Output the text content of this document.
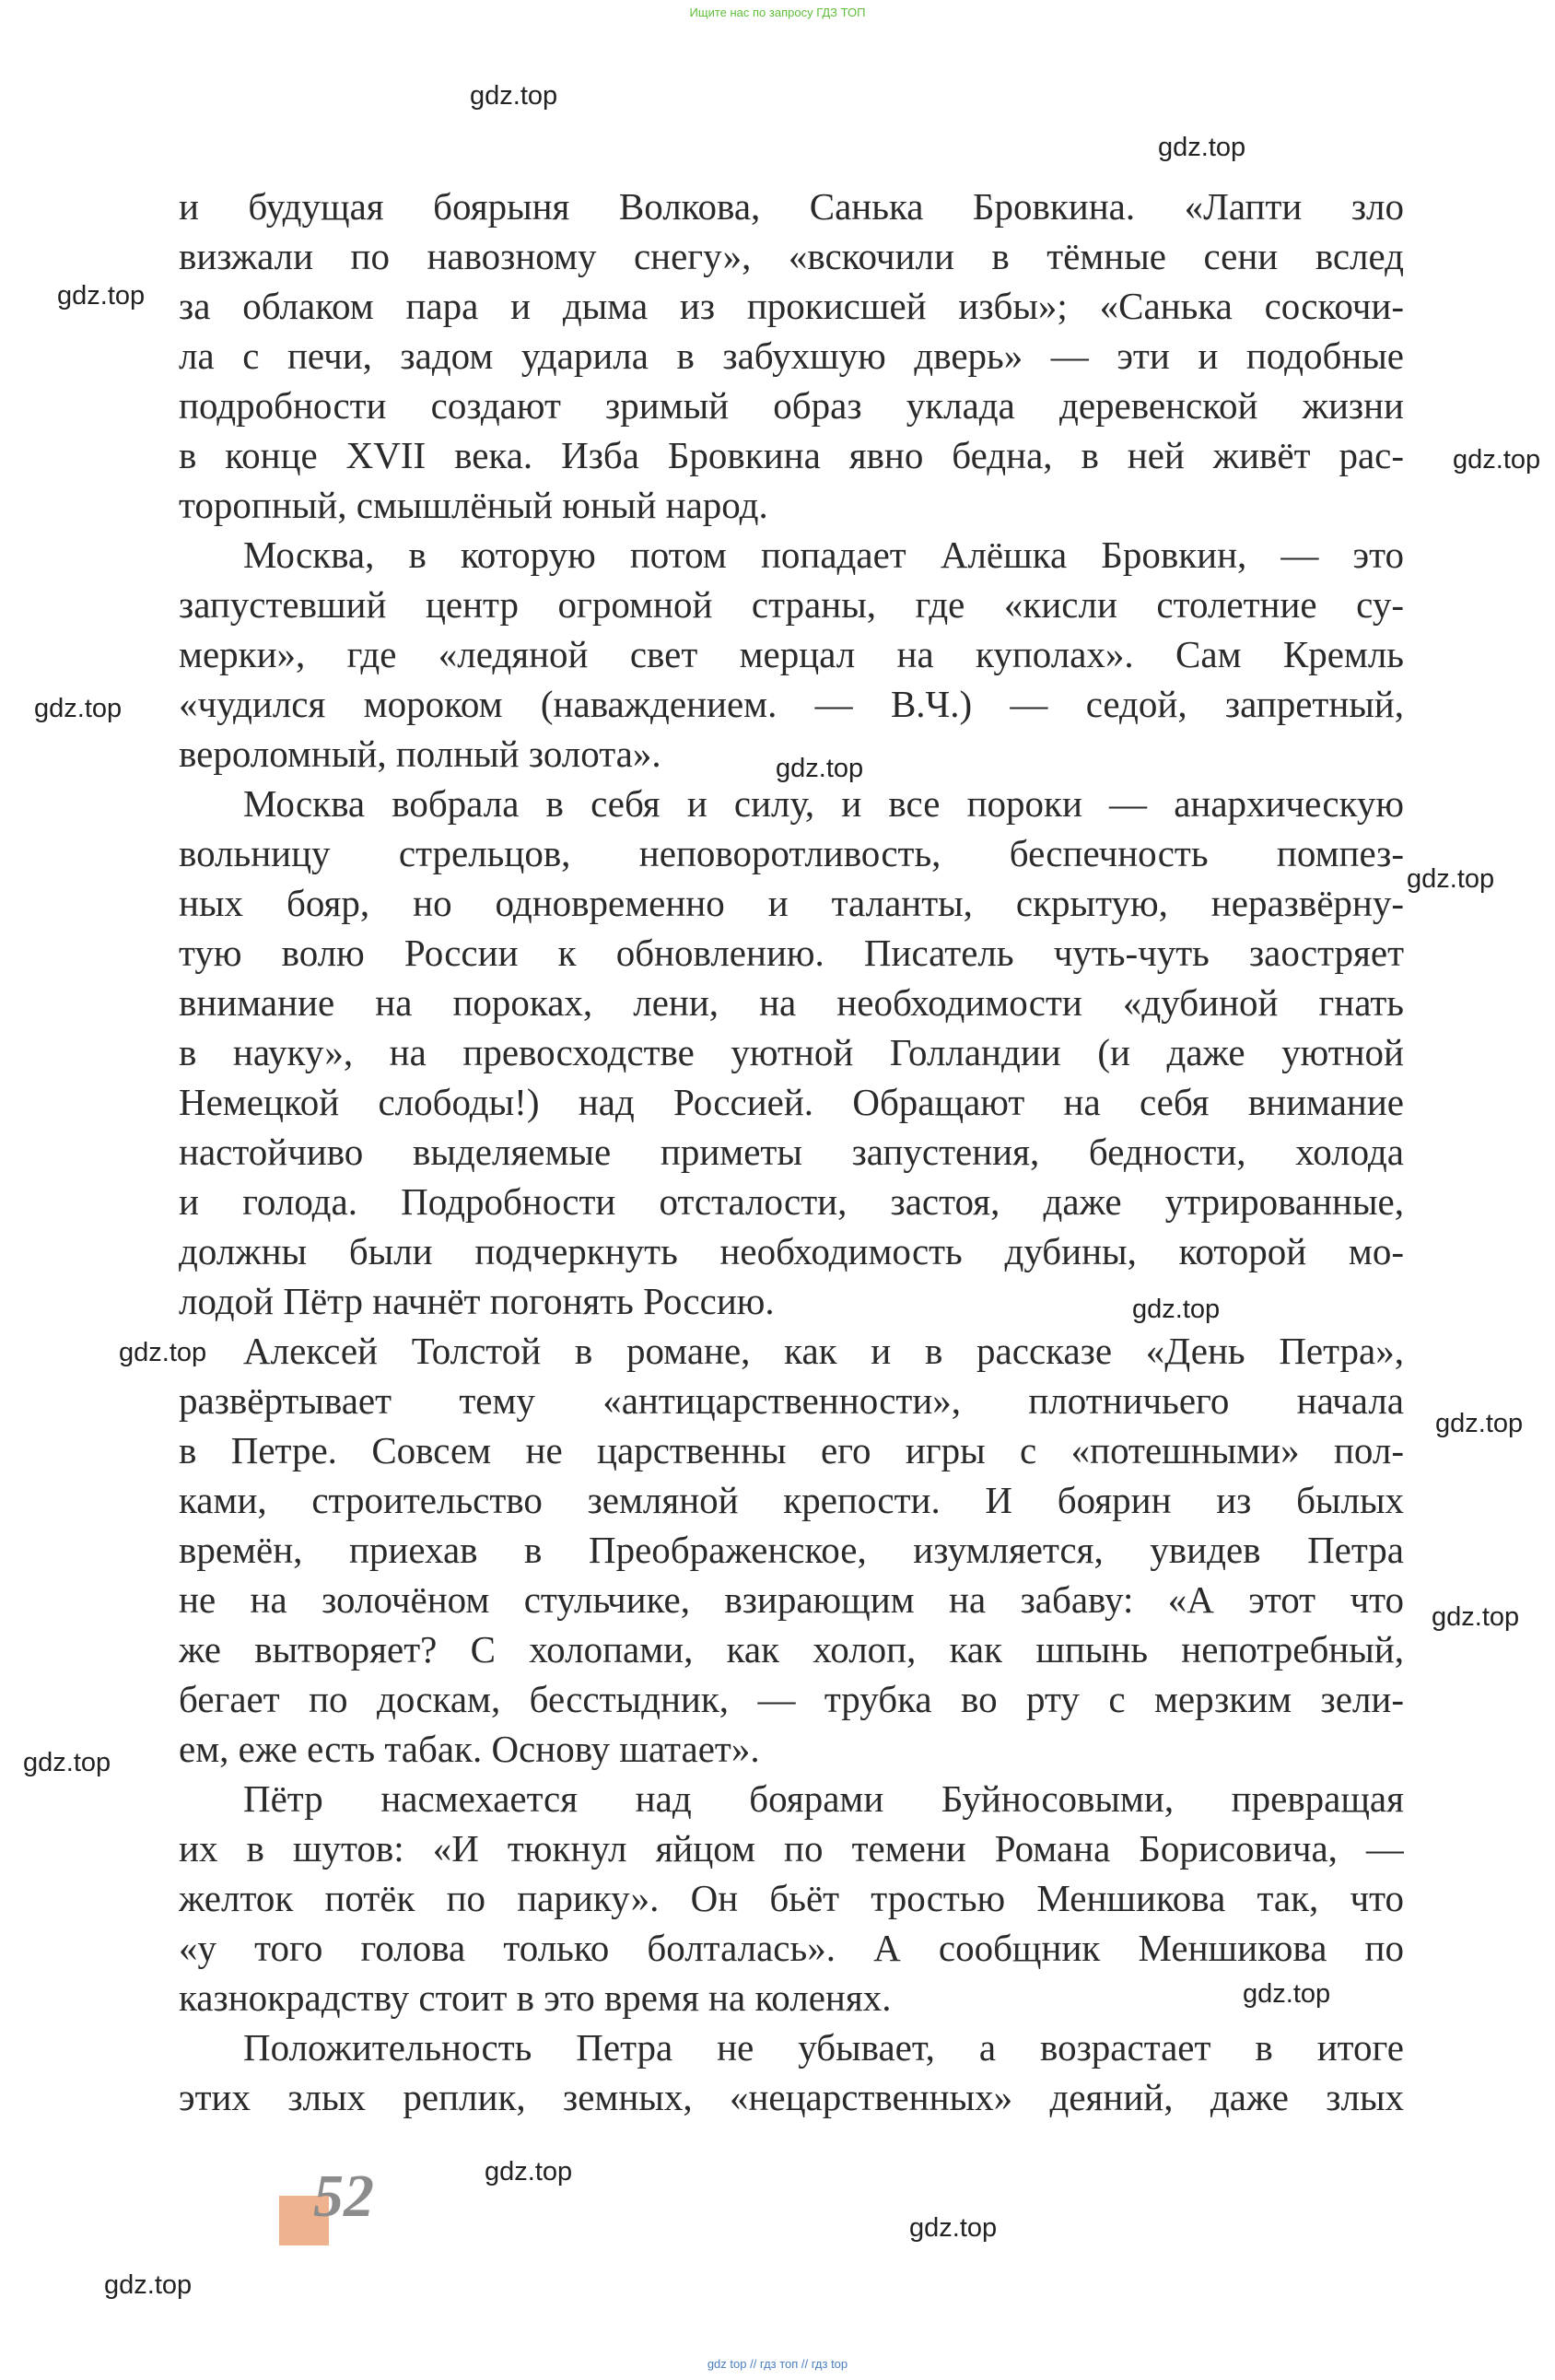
Ищите нас по запросу ГДЗ ТОП
и будущая боярыня Волкова, Санька Бровкина. «Лапти зло
визжали по навозному снегу», «вскочили в тёмные сени вслед
за облаком пара и дыма из прокисшей избы»; «Санька соскочи-
ла с печи, задом ударила в забухшую дверь» — эти и подобные
подробности создают зримый образ уклада деревенской жизни
в конце XVII века. Изба Бровкина явно бедна, в ней живёт рас-
торопный, смышлёный юный народ.
Москва, в которую потом попадает Алёшка Бровкин, — это
запустевший центр огромной страны, где «кисли столетние су-
мерки», где «ледяной свет мерцал на куполах». Сам Кремль
«чудился мороком (наваждением. — В.Ч.) — седой, запретный,
вероломный, полный золота».
Москва вобрала в себя и силу, и все пороки — анархическую
вольницу стрельцов, неповоротливость, беспечность помпез-
ных бояр, но одновременно и таланты, скрытую, неразвёрну-
тую волю России к обновлению. Писатель чуть-чуть заостряет
внимание на пороках, лени, на необходимости «дубиной гнать
в науку», на превосходстве уютной Голландии (и даже уютной
Немецкой слободы!) над Россией. Обращают на себя внимание
настойчиво выделяемые приметы запустения, бедности, холода
и голода. Подробности отсталости, застоя, даже утрированные,
должны были подчеркнуть необходимость дубины, которой мо-
лодой Пётр начнёт погонять Россию.
Алексей Толстой в романе, как и в рассказе «День Петра»,
развёртывает тему «антицарственности», плотничьего начала
в Петре. Совсем не царственны его игры с «потешными» пол-
ками, строительство земляной крепости. И боярин из былых
времён, приехав в Преображенское, изумляется, увидев Петра
не на золочёном стульчике, взирающим на забаву: «А этот что
же вытворяет? С холопами, как холоп, как шпынь непотребный,
бегает по доскам, бесстыдник, — трубка во рту с мерзким зели-
ем, еже есть табак. Основу шатает».
Пётр насмехается над боярами Буйносовыми, превращая
их в шутов: «И тюкнул яйцом по темени Романа Борисовича, —
желток потёк по парику». Он бьёт тростью Меншикова так, что
«у того голова только болталась». А сообщник Меншикова по
казнокрадству стоит в это время на коленях.
Положительность Петра не убывает, а возрастает в итоге
этих злых реплик, земных, «нецарственных» деяний, даже злых
gdz.top
gdz.top
gdz.top
gdz.top
gdz.top
gdz.top
gdz.top
gdz.top
gdz.top
gdz.top
gdz.top
gdz.top
gdz.top
gdz.top
gdz.top
gdz.top
52
gdz top // гдз топ // гдз top
